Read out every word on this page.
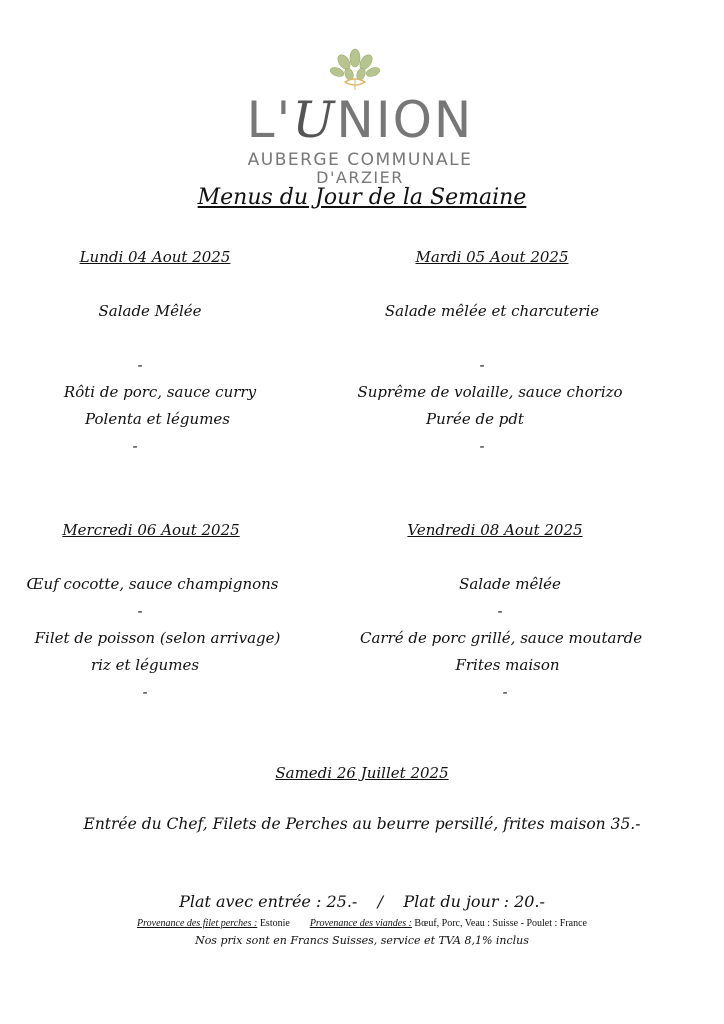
L'UNION
AUBERGE COMMUNALE
D'ARZIER
Menus du Jour de la Semaine
Lundi 04 Aout 2025
Salade Mêlée
-
Rôti de porc, sauce curry
Polenta et légumes
-
Mardi 05 Aout 2025
Salade mêlée et charcuterie
-
Suprême de volaille, sauce chorizo
Purée de pdt
-
Mercredi 06 Aout 2025
Œuf cocotte, sauce champignons
-
Filet de poisson (selon arrivage)
riz et légumes
-
Vendredi 08 Aout 2025
Salade mêlée
-
Carré de porc grillé, sauce moutarde
Frites maison
-
Samedi 26 Juillet 2025
Entrée du Chef, Filets de Perches au beurre persillé, frites maison 35.-
Plat avec entrée : 25.-    /    Plat du jour : 20.-
Provenance des filet perches : Estonie Provenance des viandes : Bœuf, Porc, Veau : Suisse - Poulet : France
Nos prix sont en Francs Suisses, service et TVA 8,1% inclus
